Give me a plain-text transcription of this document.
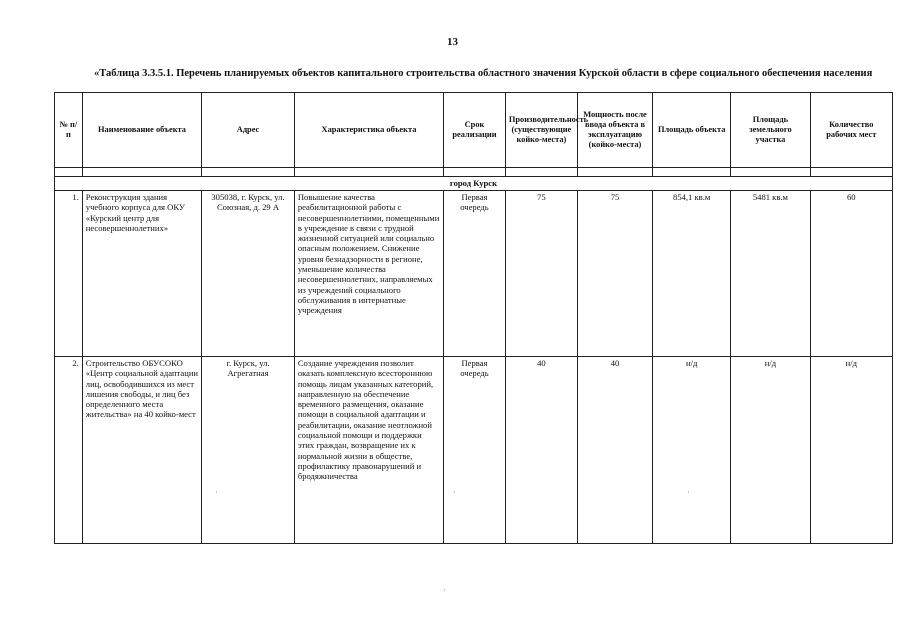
13
«Таблица 3.3.5.1. Перечень планируемых объектов капитального строительства областного значения Курской области в сфере социального обеспечения населения
№ п/п	Наименование объекта	Адрес	Характеристика объекта	Срок реализации	Производительность (существующие койко-места)	Мощность после ввода объекта в эксплуатацию (койко-места)	Площадь объекта	Площадь земельного участка	Количество рабочих мест

город Курск									
1.	Реконструкция здания учебного корпуса для ОКУ «Курский центр для несовершеннолетних»	305038, г. Курск, ул. Союзная, д. 29 А	Повышение качества реабилитационной работы с несовершеннолетними, помещенными в учреждение в связи с трудной жизненной ситуацией или социально опасным положением. Снижение уровня безнадзорности в регионе, уменьшение количества несовершеннолетних, направляемых из учреждений социального обслуживания в интернатные учреждения	Первая очередь	75	75	854,1 кв.м	5481 кв.м	60
2.	Строительство ОБУСОКО «Центр социальной адаптации лиц, освободившихся из мест лишения свободы, и лиц без определенного места жительства» на 40 койко-мест	г. Курск, ул. Агрегатная	Создание учреждения позволит оказать комплексную всестороннюю помощь лицам указанных категорий, направленную на обеспечение временного размещения, оказание помощи в социальной адаптации и реабилитации, оказание неотложной социальной помощи и поддержки этих граждан, возвращение их к нормальной жизни в обществе, профилактику правонарушений и бродяжничества	Первая очередь	40	40	н/д	н/д	н/д
·	·	·
·
